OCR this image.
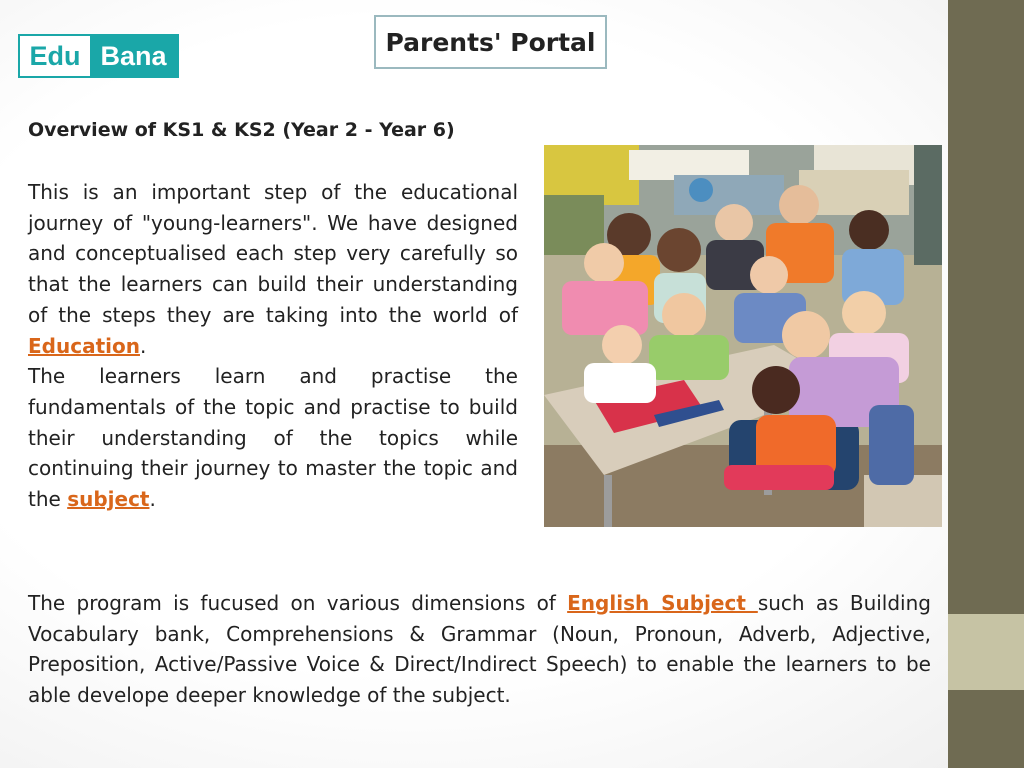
Edu Bana	Parents' Portal
Overview of KS1 & KS2 (Year 2 - Year 6)

This is an important step of the educational journey of "young-learners". We have designed and conceptualised each step very carefully so that the learners can build their understanding of the steps they are taking into the world of Education.

The learners learn and practise the fundamentals of the topic and practise to build their understanding of the topics while continuing their journey to master the topic and the subject.

The program is fucused on various dimensions of English Subject such as Building Vocabulary bank, Comprehensions & Grammar (Noun, Pronoun, Adverb, Adjective, Preposition, Active/Passive Voice & Direct/Indirect Speech) to enable the learners to be able develope deeper knowledge of the subject.
